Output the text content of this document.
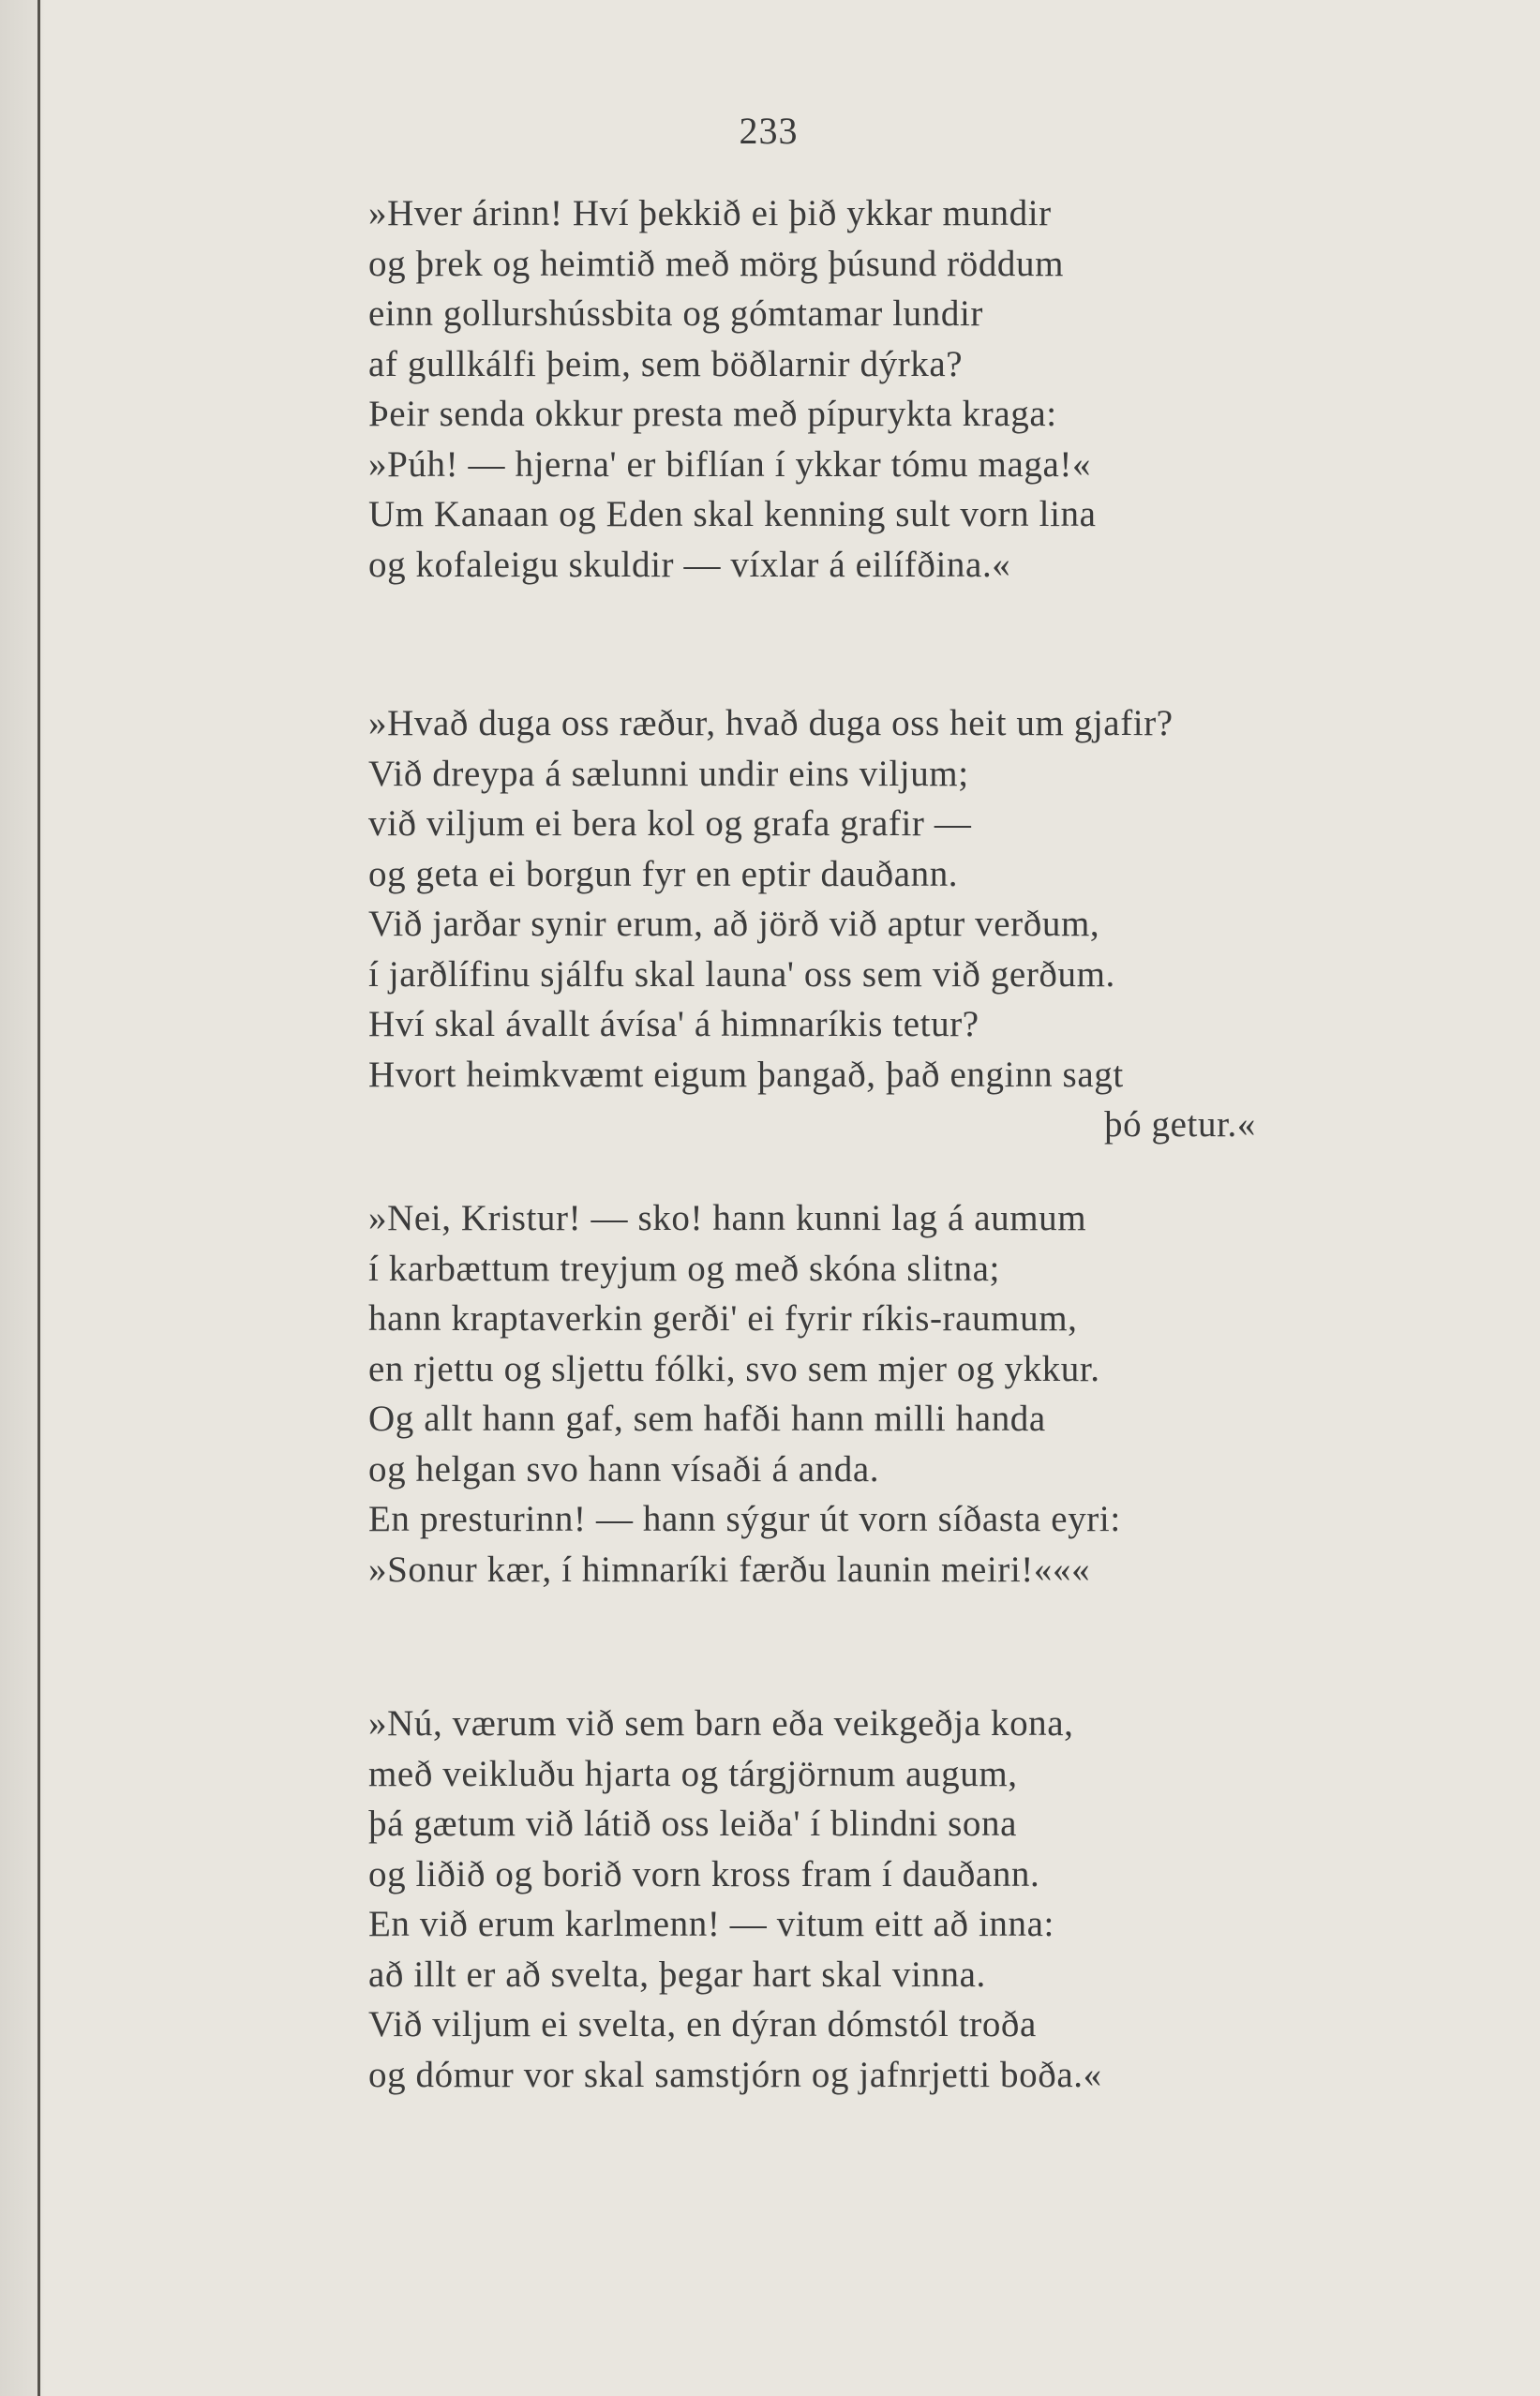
233
»Hver árinn! Hví þekkið ei þið ykkar mundir
og þrek og heimtið með mörg þúsund röddum
einn gollurshússbita og gómtamar lundir
af gullkálfi þeim, sem böðlarnir dýrka?
Þeir senda okkur presta með pípurykta kraga:
»Púh! — hjerna' er biflían í ykkar tómu maga!«
Um Kanaan og Eden skal kenning sult vorn lina
og kofaleigu skuldir — víxlar á eilífðina.«
»Hvað duga oss ræður, hvað duga oss heit um gjafir?
Við dreypa á sælunni undir eins viljum;
við viljum ei bera kol og grafa grafir —
og geta ei borgun fyr en eptir dauðann.
Við jarðar synir erum, að jörð við aptur verðum,
í jarðlífinu sjálfu skal launa' oss sem við gerðum.
Hví skal ávallt ávísa' á himnaríkis tetur?
Hvort heimkvæmt eigum þangað, það enginn sagt
þó getur.«
»Nei, Kristur! — sko! hann kunni lag á aumum
í karbættum treyjum og með skóna slitna;
hann kraptaverkin gerði' ei fyrir ríkis-raumum,
en rjettu og sljettu fólki, svo sem mjer og ykkur.
Og allt hann gaf, sem hafði hann milli handa
og helgan svo hann vísaði á anda.
En presturinn! — hann sýgur út vorn síðasta eyri:
»Sonur kær, í himnaríki færðu launin meiri!«««
»Nú, værum við sem barn eða veikgeðja kona,
með veikluðu hjarta og tárgjörnum augum,
þá gætum við látið oss leiða' í blindni sona
og liðið og borið vorn kross fram í dauðann.
En við erum karlmenn! — vitum eitt að inna:
að illt er að svelta, þegar hart skal vinna.
Við viljum ei svelta, en dýran dómstól troða
og dómur vor skal samstjórn og jafnrjetti boða.«
